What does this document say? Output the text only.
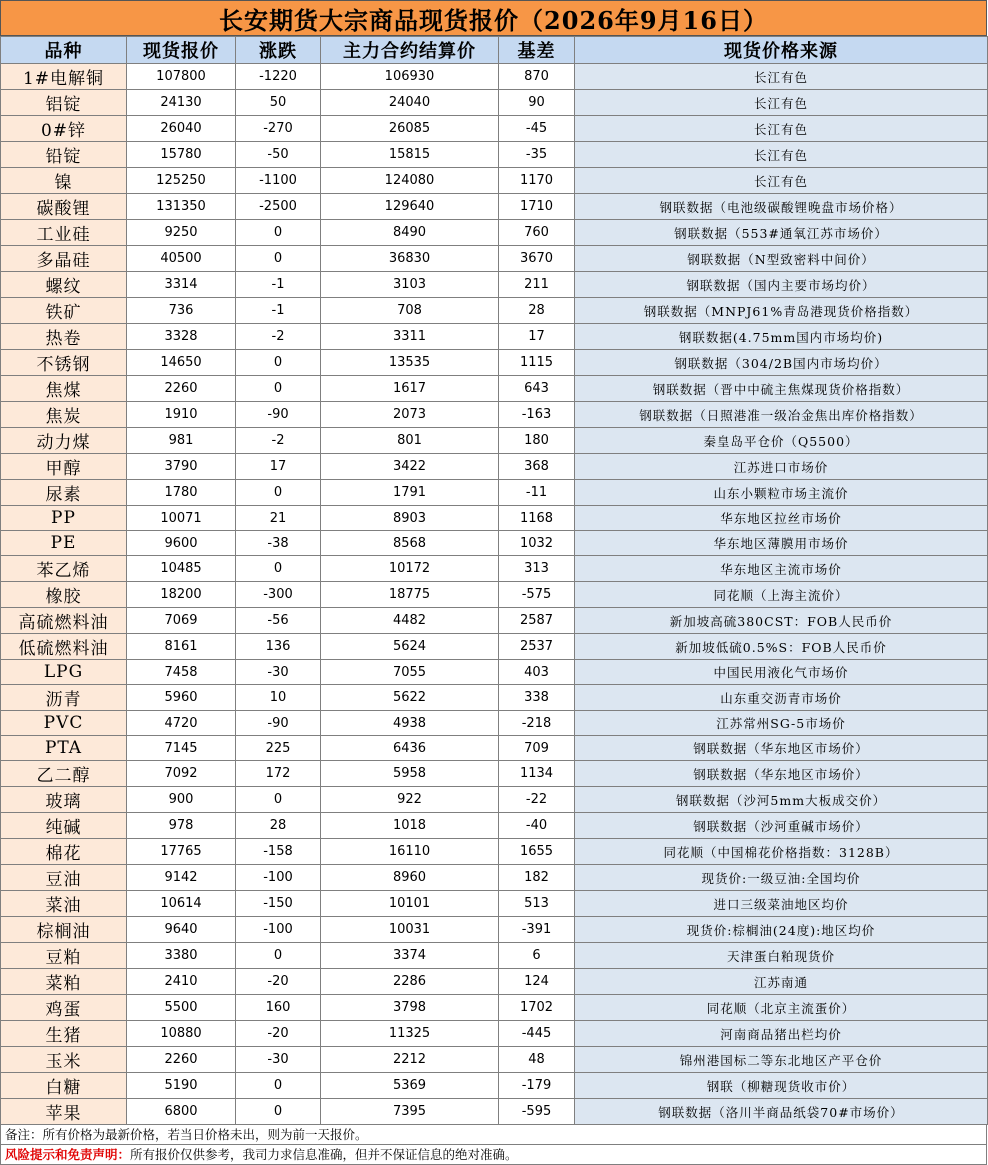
长安期货大宗商品现货报价（2026年9月16日）
品种	现货报价	涨跌	主力合约结算价	基差	现货价格来源
1#电解铜	107800	-1220	106930	870	长江有色
铝锭	24130	50	24040	90	长江有色
0#锌	26040	-270	26085	-45	长江有色
铅锭	15780	-50	15815	-35	长江有色
镍	125250	-1100	124080	1170	长江有色
碳酸锂	131350	-2500	129640	1710	钢联数据（电池级碳酸锂晚盘市场价格）
工业硅	9250	0	8490	760	钢联数据（553#通氧江苏市场价）
多晶硅	40500	0	36830	3670	钢联数据（N型致密料中间价）
螺纹	3314	-1	3103	211	钢联数据（国内主要市场均价）
铁矿	736	-1	708	28	钢联数据（MNPJ61%青岛港现货价格指数）
热卷	3328	-2	3311	17	钢联数据(4.75mm国内市场均价)
不锈钢	14650	0	13535	1115	钢联数据（304/2B国内市场均价）
焦煤	2260	0	1617	643	钢联数据（晋中中硫主焦煤现货价格指数）
焦炭	1910	-90	2073	-163	钢联数据（日照港准一级冶金焦出库价格指数）
动力煤	981	-2	801	180	秦皇岛平仓价（Q5500）
甲醇	3790	17	3422	368	江苏进口市场价
尿素	1780	0	1791	-11	山东小颗粒市场主流价
PP	10071	21	8903	1168	华东地区拉丝市场价
PE	9600	-38	8568	1032	华东地区薄膜用市场价
苯乙烯	10485	0	10172	313	华东地区主流市场价
橡胶	18200	-300	18775	-575	同花顺（上海主流价）
高硫燃料油	7069	-56	4482	2587	新加坡高硫380CST：FOB人民币价
低硫燃料油	8161	136	5624	2537	新加坡低硫0.5%S：FOB人民币价
LPG	7458	-30	7055	403	中国民用液化气市场价
沥青	5960	10	5622	338	山东重交沥青市场价
PVC	4720	-90	4938	-218	江苏常州SG-5市场价
PTA	7145	225	6436	709	钢联数据（华东地区市场价）
乙二醇	7092	172	5958	1134	钢联数据（华东地区市场价）
玻璃	900	0	922	-22	钢联数据（沙河5mm大板成交价）
纯碱	978	28	1018	-40	钢联数据（沙河重碱市场价）
棉花	17765	-158	16110	1655	同花顺（中国棉花价格指数：3128B）
豆油	9142	-100	8960	182	现货价:一级豆油:全国均价
菜油	10614	-150	10101	513	进口三级菜油地区均价
棕榈油	9640	-100	10031	-391	现货价:棕榈油(24度):地区均价
豆粕	3380	0	3374	6	天津蛋白粕现货价
菜粕	2410	-20	2286	124	江苏南通
鸡蛋	5500	160	3798	1702	同花顺（北京主流蛋价）
生猪	10880	-20	11325	-445	河南商品猪出栏均价
玉米	2260	-30	2212	48	锦州港国标二等东北地区产平仓价
白糖	5190	0	5369	-179	钢联（柳糖现货收市价）
苹果	6800	0	7395	-595	钢联数据（洛川半商品纸袋70#市场价）
备注：所有价格为最新价格，若当日价格未出，则为前一天报价。
风险提示和免责声明：所有报价仅供参考，我司力求信息准确，但并不保证信息的绝对准确。
